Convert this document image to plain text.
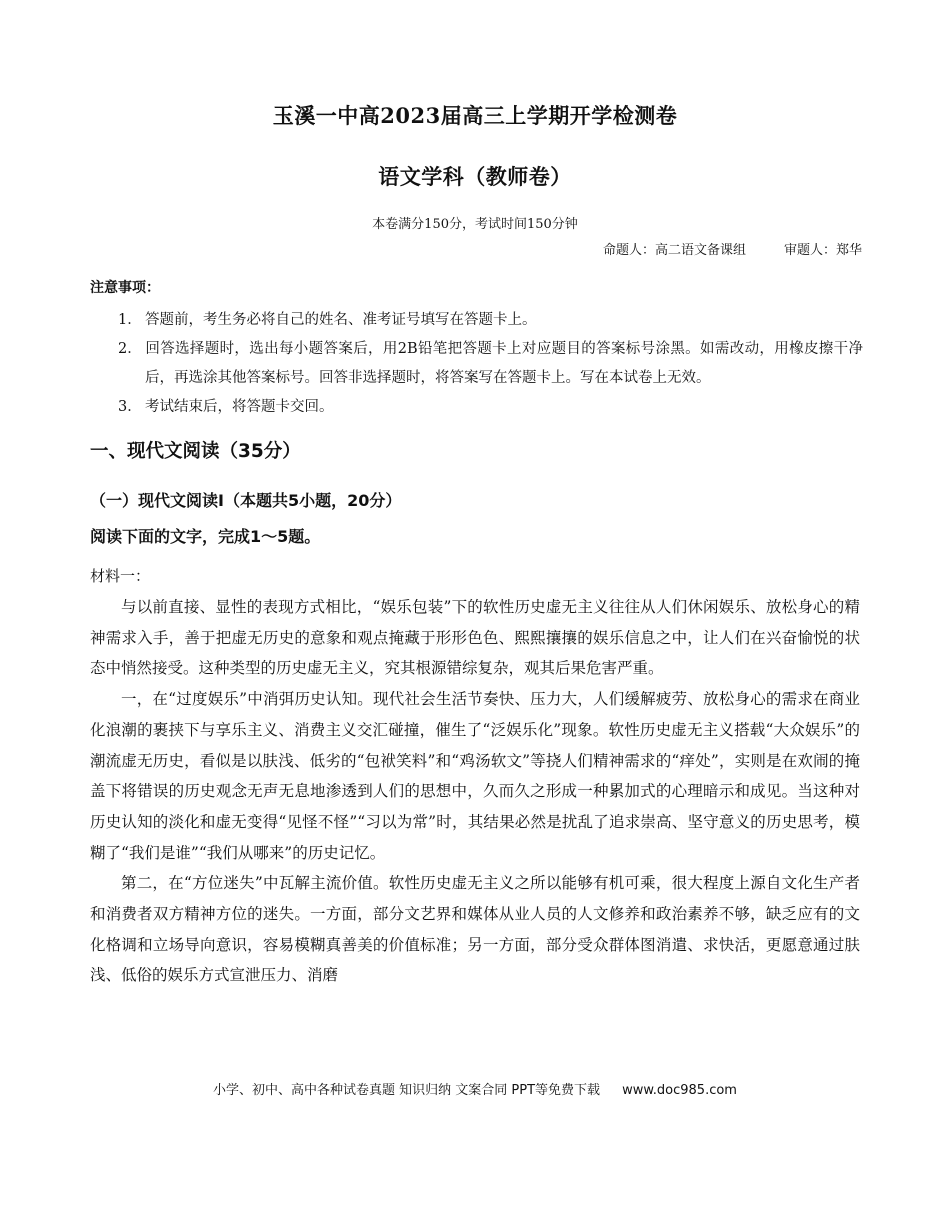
玉溪一中高2023届高三上学期开学检测卷
语文学科（教师卷）
本卷满分150分，考试时间150分钟
命题人：高二语文备课组	审题人：郑华
注意事项：
1． 答题前，考生务必将自己的姓名、准考证号填写在答题卡上。
2． 回答选择题时，选出每小题答案后，用2B铅笔把答题卡上对应题目的答案标号涂黑。如需改动，用橡皮擦干净后，再选涂其他答案标号。回答非选择题时，将答案写在答题卡上。写在本试卷上无效。
3． 考试结束后，将答题卡交回。
一、现代文阅读（35分）
（一）现代文阅读Ⅰ（本题共5小题，20分）
阅读下面的文字，完成1～5题。
材料一：

与以前直接、显性的表现方式相比，“娱乐包装”下的软性历史虚无主义往往从人们休闲娱乐、放松身心的精神需求入手，善于把虚无历史的意象和观点掩藏于形形色色、熙熙攘攘的娱乐信息之中，让人们在兴奋愉悦的状态中悄然接受。这种类型的历史虚无主义，究其根源错综复杂，观其后果危害严重。

一，在“过度娱乐”中消弭历史认知。现代社会生活节奏快、压力大，人们缓解疲劳、放松身心的需求在商业化浪潮的裹挟下与享乐主义、消费主义交汇碰撞，催生了“泛娱乐化”现象。软性历史虚无主义搭载“大众娱乐”的潮流虚无历史，看似是以肤浅、低劣的“包袱笑料”和“鸡汤软文”等挠人们精神需求的“痒处”，实则是在欢闹的掩盖下将错误的历史观念无声无息地渗透到人们的思想中，久而久之形成一种累加式的心理暗示和成见。当这种对历史认知的淡化和虚无变得“见怪不怪”“习以为常”时，其结果必然是扰乱了追求崇高、坚守意义的历史思考，模糊了“我们是谁”“我们从哪来”的历史记忆。

第二，在“方位迷失”中瓦解主流价值。软性历史虚无主义之所以能够有机可乘，很大程度上源自文化生产者和消费者双方精神方位的迷失。一方面，部分文艺界和媒体从业人员的人文修养和政治素养不够，缺乏应有的文化格调和立场导向意识，容易模糊真善美的价值标准；另一方面，部分受众群体图消遣、求快活，更愿意通过肤浅、低俗的娱乐方式宣泄压力、消磨

小学、初中、高中各种试卷真题 知识归纳 文案合同 PPT等免费下载 www.doc985.com
